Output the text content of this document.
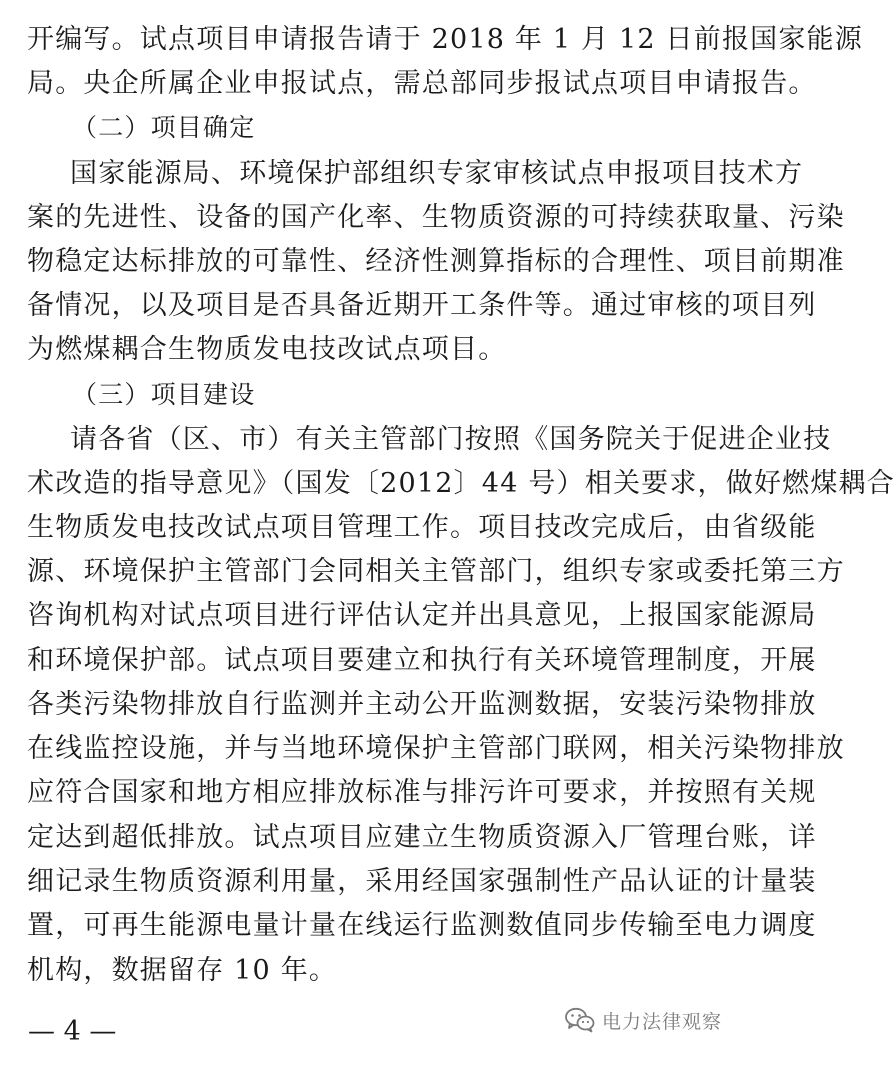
开编写。试点项目申请报告请于 2018 年 1 月 12 日前报国家能源
局。央企所属企业申报试点，需总部同步报试点项目申请报告。
（二）项目确定
国家能源局、环境保护部组织专家审核试点申报项目技术方
案的先进性、设备的国产化率、生物质资源的可持续获取量、污染
物稳定达标排放的可靠性、经济性测算指标的合理性、项目前期准
备情况，以及项目是否具备近期开工条件等。通过审核的项目列
为燃煤耦合生物质发电技改试点项目。
（三）项目建设
请各省（区、市）有关主管部门按照《国务院关于促进企业技
术改造的指导意见》（国发〔2012〕44 号）相关要求，做好燃煤耦合
生物质发电技改试点项目管理工作。项目技改完成后，由省级能
源、环境保护主管部门会同相关主管部门，组织专家或委托第三方
咨询机构对试点项目进行评估认定并出具意见，上报国家能源局
和环境保护部。试点项目要建立和执行有关环境管理制度，开展
各类污染物排放自行监测并主动公开监测数据，安装污染物排放
在线监控设施，并与当地环境保护主管部门联网，相关污染物排放
应符合国家和地方相应排放标准与排污许可要求，并按照有关规
定达到超低排放。试点项目应建立生物质资源入厂管理台账，详
细记录生物质资源利用量，采用经国家强制性产品认证的计量装
置，可再生能源电量计量在线运行监测数值同步传输至电力调度
机构，数据留存 10 年。
— 4 —	电力法律观察
